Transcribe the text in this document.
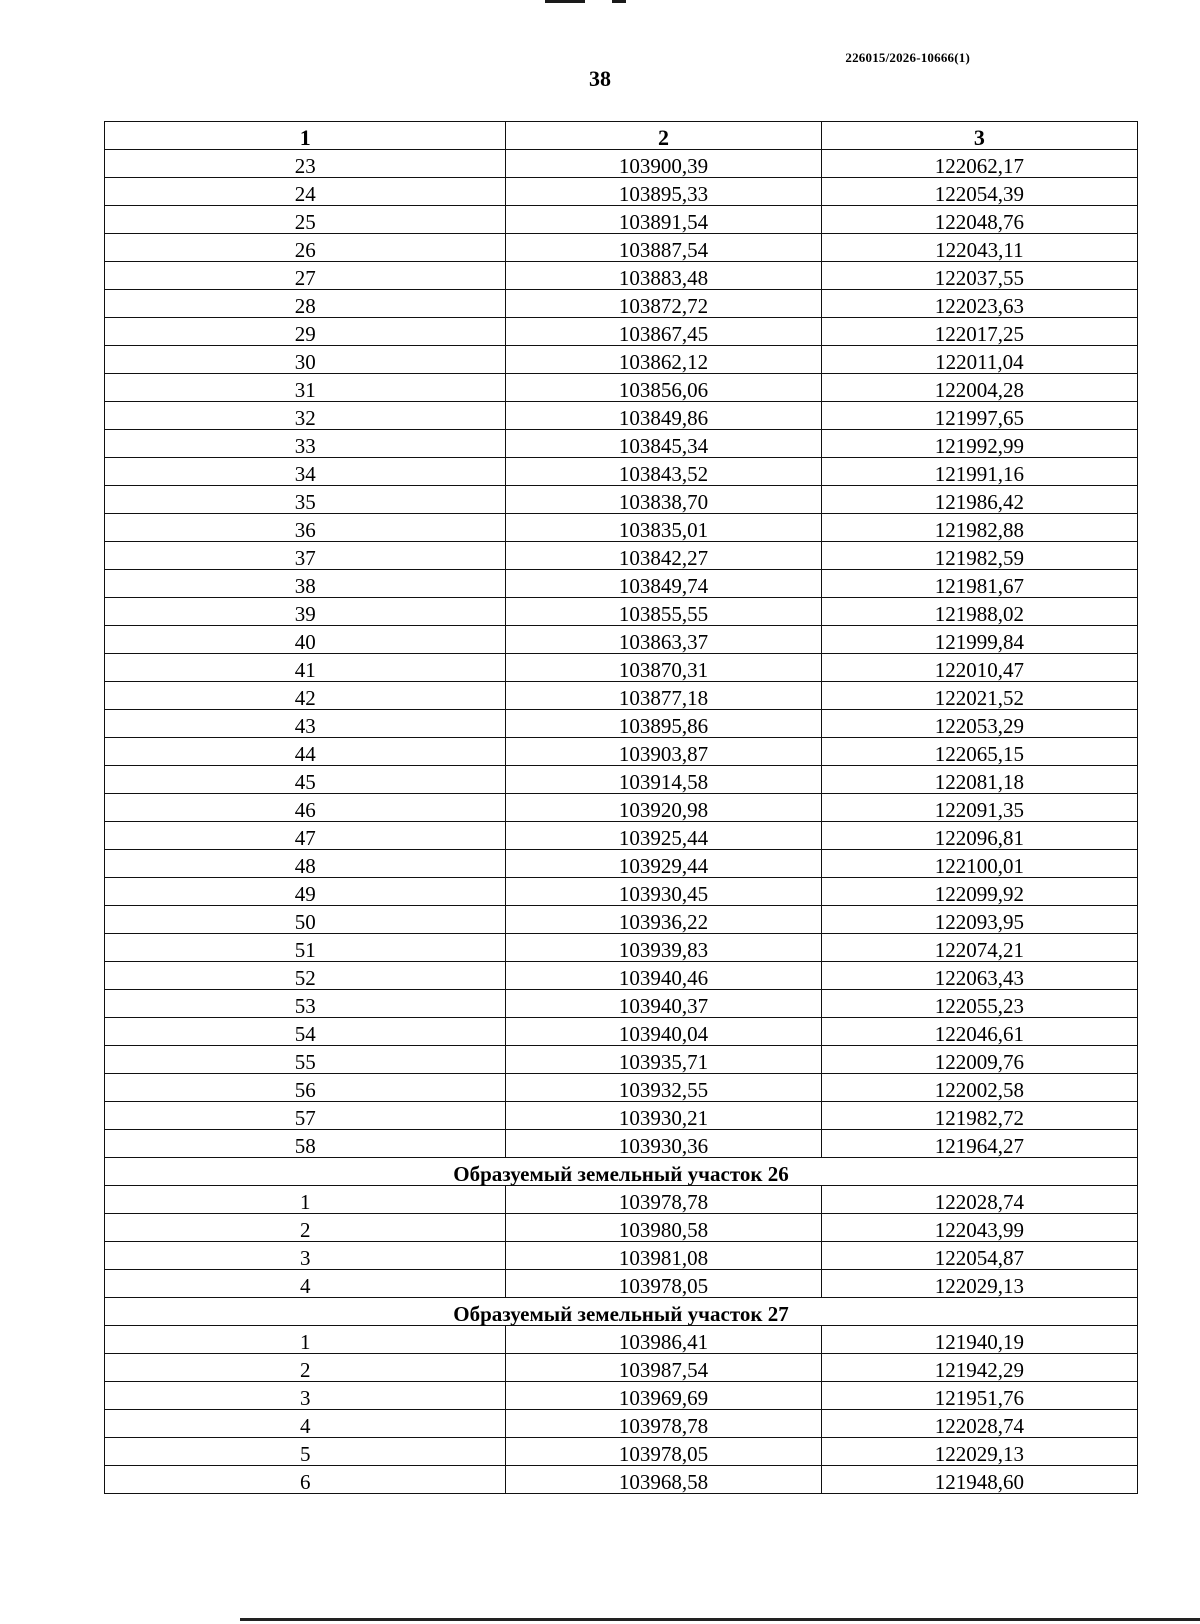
226015/2026-10666(1)
38
1	2	3
23	103900,39	122062,17
24	103895,33	122054,39
25	103891,54	122048,76
26	103887,54	122043,11
27	103883,48	122037,55
28	103872,72	122023,63
29	103867,45	122017,25
30	103862,12	122011,04
31	103856,06	122004,28
32	103849,86	121997,65
33	103845,34	121992,99
34	103843,52	121991,16
35	103838,70	121986,42
36	103835,01	121982,88
37	103842,27	121982,59
38	103849,74	121981,67
39	103855,55	121988,02
40	103863,37	121999,84
41	103870,31	122010,47
42	103877,18	122021,52
43	103895,86	122053,29
44	103903,87	122065,15
45	103914,58	122081,18
46	103920,98	122091,35
47	103925,44	122096,81
48	103929,44	122100,01
49	103930,45	122099,92
50	103936,22	122093,95
51	103939,83	122074,21
52	103940,46	122063,43
53	103940,37	122055,23
54	103940,04	122046,61
55	103935,71	122009,76
56	103932,55	122002,58
57	103930,21	121982,72
58	103930,36	121964,27
Образуемый земельный участок 26		
1	103978,78	122028,74
2	103980,58	122043,99
3	103981,08	122054,87
4	103978,05	122029,13
Образуемый земельный участок 27		
1	103986,41	121940,19
2	103987,54	121942,29
3	103969,69	121951,76
4	103978,78	122028,74
5	103978,05	122029,13
6	103968,58	121948,60
